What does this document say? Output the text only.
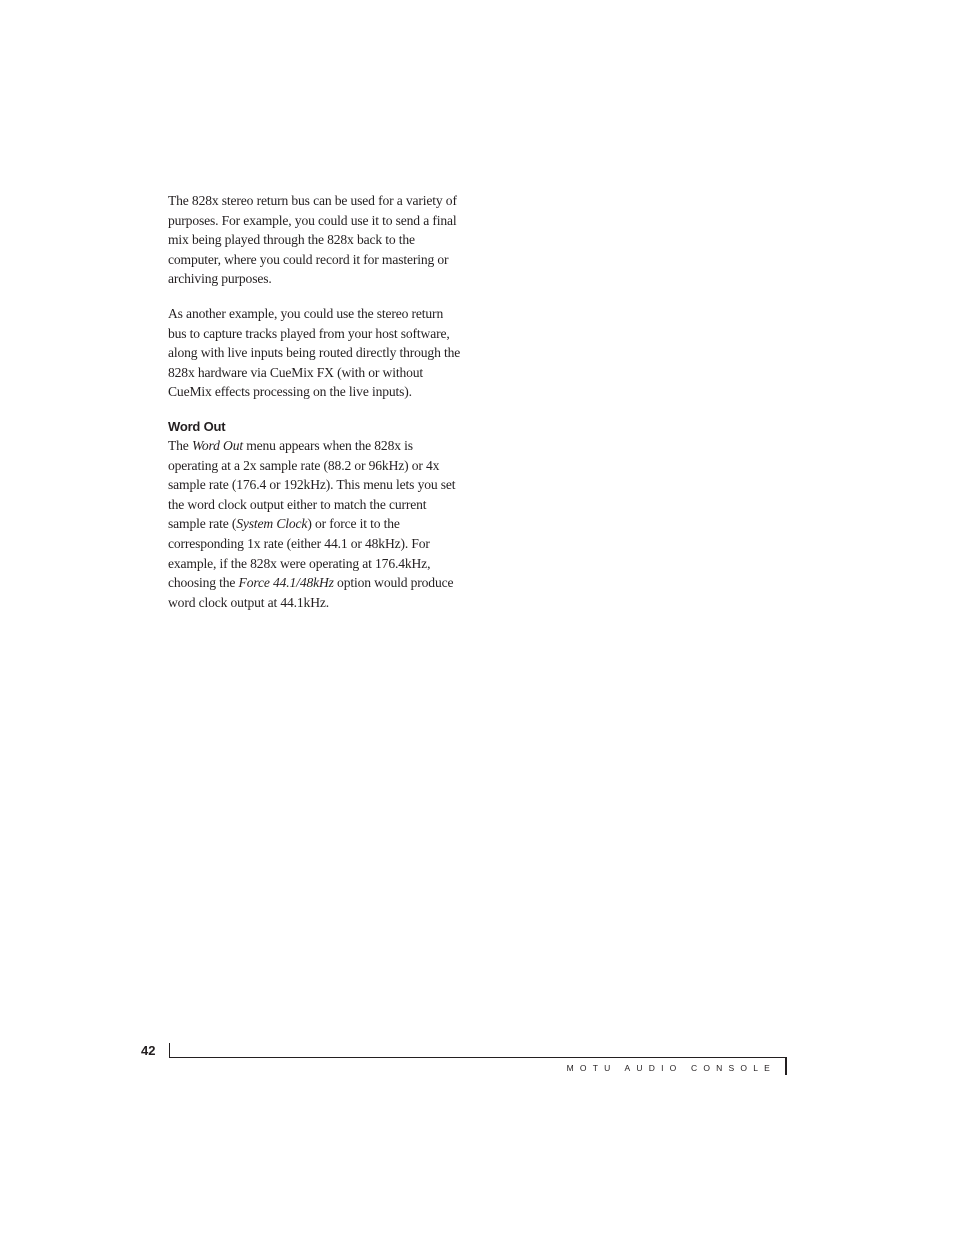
The 828x stereo return bus can be used for a variety of purposes. For example, you could use it to send a final mix being played through the 828x back to the computer, where you could record it for mastering or archiving purposes.

As another example, you could use the stereo return bus to capture tracks played from your host software, along with live inputs being routed directly through the 828x hardware via CueMix FX (with or without CueMix effects processing on the live inputs).

Word Out

The Word Out menu appears when the 828x is operating at a 2x sample rate (88.2 or 96kHz) or 4x sample rate (176.4 or 192kHz). This menu lets you set the word clock output either to match the current sample rate (System Clock) or force it to the corresponding 1x rate (either 44.1 or 48kHz). For example, if the 828x were operating at 176.4kHz, choosing the Force 44.1/48kHz option would produce word clock output at 44.1kHz.

42
MOTU AUDIO CONSOLE
